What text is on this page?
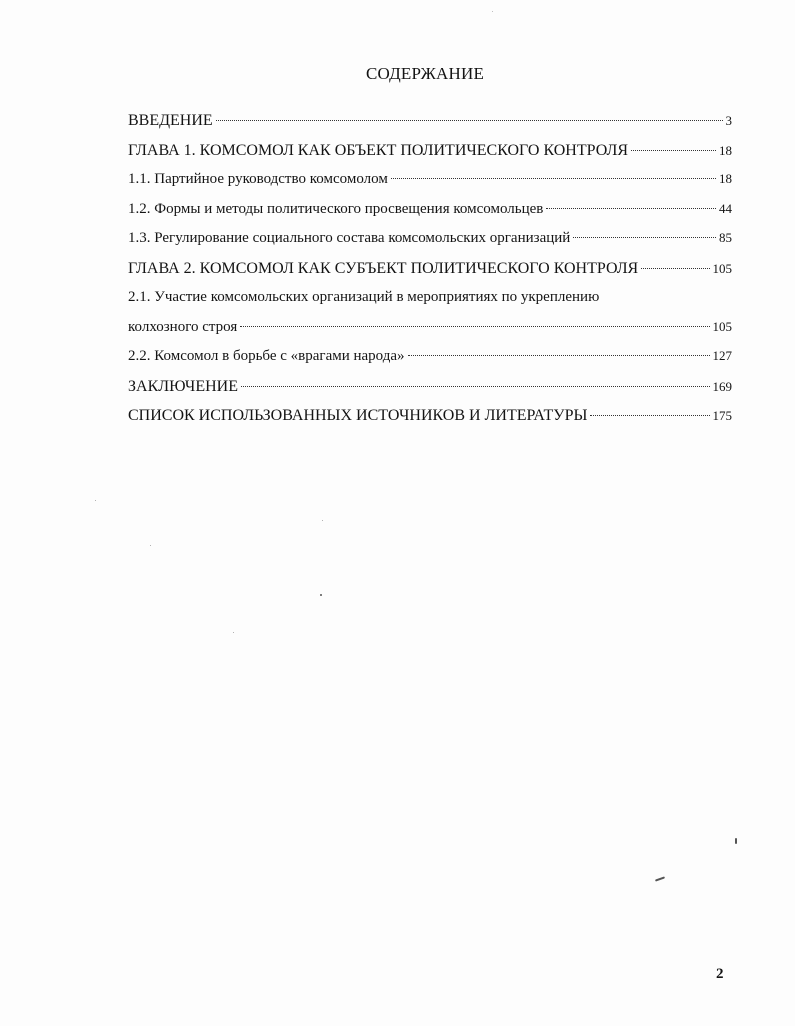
СОДЕРЖАНИЕ
ВВЕДЕНИЕ	3
ГЛАВА 1. КОМСОМОЛ КАК ОБЪЕКТ ПОЛИТИЧЕСКОГО КОНТРОЛЯ	18
1.1. Партийное руководство комсомолом	18
1.2. Формы и методы политического просвещения комсомольцев	44
1.3. Регулирование социального состава комсомольских организаций	85
ГЛАВА 2. КОМСОМОЛ КАК СУБЪЕКТ ПОЛИТИЧЕСКОГО КОНТРОЛЯ	105
2.1. Участие комсомольских организаций в мероприятиях по укреплению
колхозного строя	105
2.2. Комсомол в борьбе с «врагами народа»	127
ЗАКЛЮЧЕНИЕ	169
СПИСОК ИСПОЛЬЗОВАННЫХ ИСТОЧНИКОВ И ЛИТЕРАТУРЫ	175
2
